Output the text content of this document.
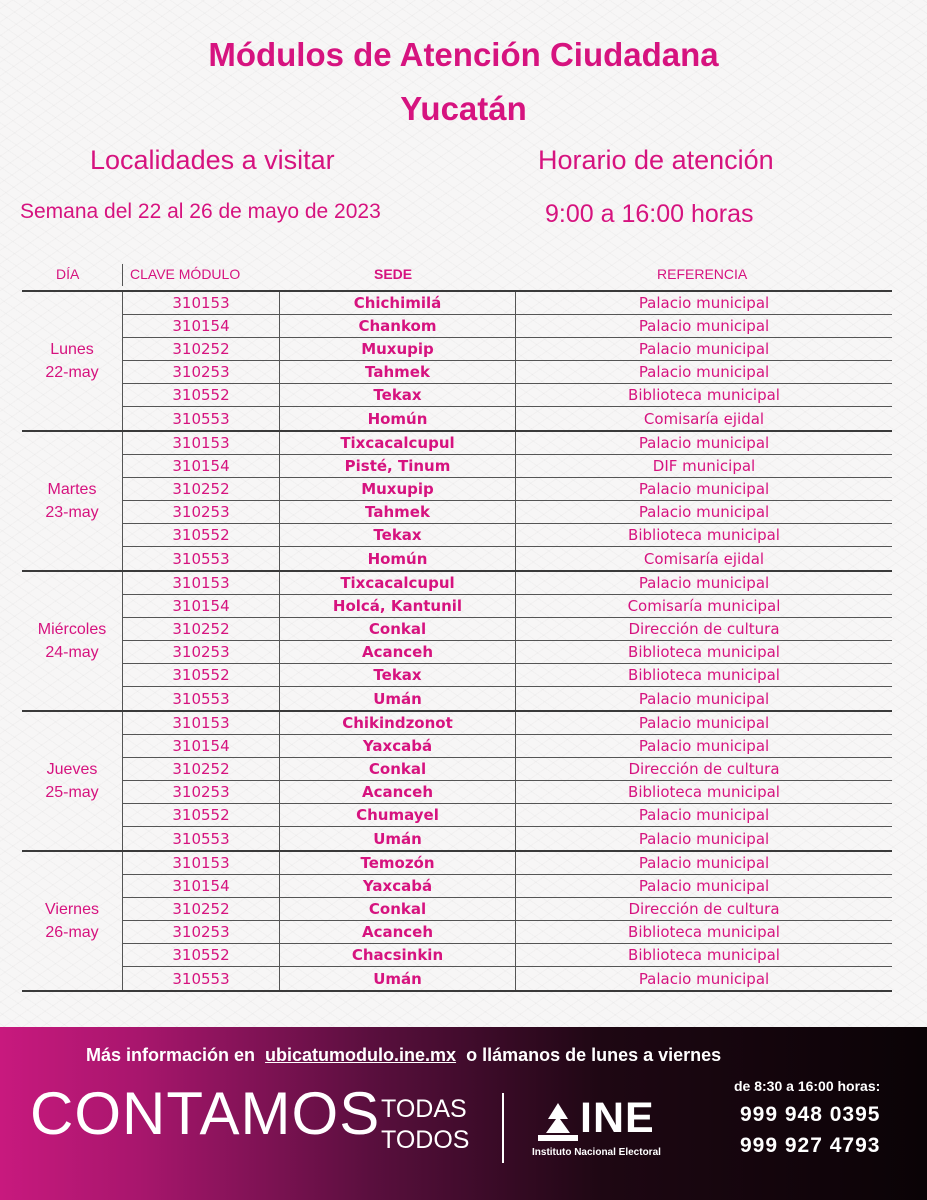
Módulos de Atención Ciudadana
Yucatán
Localidades a visitar	Horario de atención
Semana del 22 al 26 de mayo de 2023	9:00 a 16:00 horas
DÍA	CLAVE MÓDULO	SEDE	REFERENCIA
Lunes
22-may
310153	Chichimilá	Palacio municipal
310154	Chankom	Palacio municipal
310252	Muxupip	Palacio municipal
310253	Tahmek	Palacio municipal
310552	Tekax	Biblioteca municipal
310553	Homún	Comisaría ejidal
Martes
23-may
310153	Tixcacalcupul	Palacio municipal
310154	Pisté, Tinum	DIF municipal
310252	Muxupip	Palacio municipal
310253	Tahmek	Palacio municipal
310552	Tekax	Biblioteca municipal
310553	Homún	Comisaría ejidal
Miércoles
24-may
310153	Tixcacalcupul	Palacio municipal
310154	Holcá, Kantunil	Comisaría municipal
310252	Conkal	Dirección de cultura
310253	Acanceh	Biblioteca municipal
310552	Tekax	Biblioteca municipal
310553	Umán	Palacio municipal
Jueves
25-may
310153	Chikindzonot	Palacio municipal
310154	Yaxcabá	Palacio municipal
310252	Conkal	Dirección de cultura
310253	Acanceh	Biblioteca municipal
310552	Chumayel	Palacio municipal
310553	Umán	Palacio municipal
Viernes
26-may
310153	Temozón	Palacio municipal
310154	Yaxcabá	Palacio municipal
310252	Conkal	Dirección de cultura
310253	Acanceh	Biblioteca municipal
310552	Chacsinkin	Biblioteca municipal
310553	Umán	Palacio municipal
Más información en ubicatumodulo.ine.mx o llámanos de lunes a viernes
CONTAMOS TODAS
TODOS	INE
Instituto Nacional Electoral
de 8:30 a 16:00 horas:
999 948 0395
999 927 4793
